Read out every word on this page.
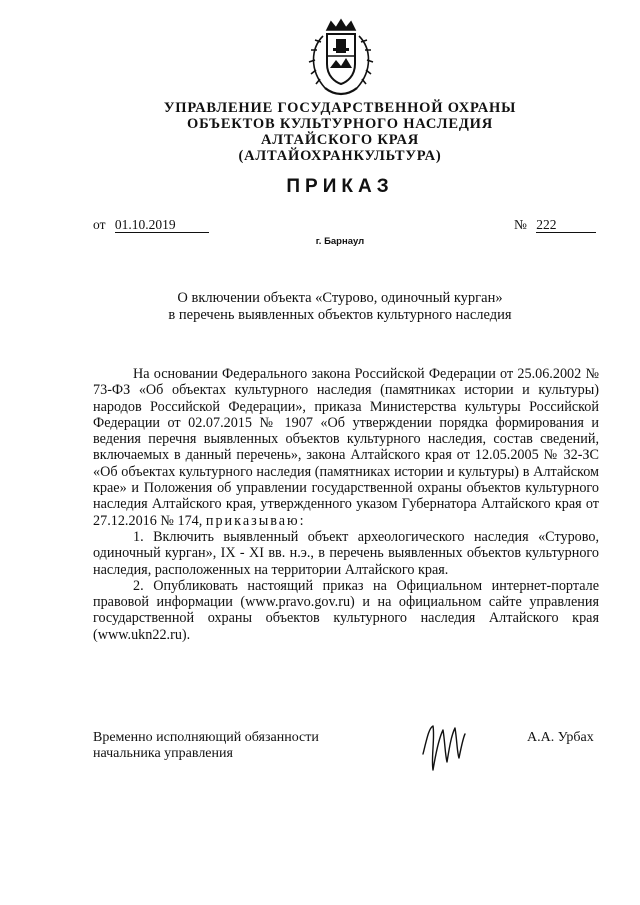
УПРАВЛЕНИЕ ГОСУДАРСТВЕННОЙ ОХРАНЫ
ОБЪЕКТОВ КУЛЬТУРНОГО НАСЛЕДИЯ
АЛТАЙСКОГО КРАЯ
(АЛТАЙОХРАНКУЛЬТУРА)
ПРИКАЗ
от 01.10.2019	№ 222
г. Барнаул
О включении объекта «Стурово, одиночный курган»
в перечень выявленных объектов культурного наследия

На основании Федерального закона Российской Федерации от 25.06.2002 № 73-ФЗ «Об объектах культурного наследия (памятниках истории и культуры) народов Российской Федерации», приказа Министерства культуры Российской Федерации от 02.07.2015 № 1907 «Об утверждении порядка формирования и ведения перечня выявленных объектов культурного наследия, состав сведений, включаемых в данный перечень», закона Алтайского края от 12.05.2005 № 32-ЗС «Об объектах культурного наследия (памятниках истории и культуры) в Алтайском крае» и Положения об управлении государственной охраны объектов культурного наследия Алтайского края, утвержденного указом Губернатора Алтайского края от 27.12.2016 № 174, приказываю:

1. Включить выявленный объект археологического наследия «Стурово, одиночный курган», IX - XI вв. н.э., в перечень выявленных объектов культурного наследия, расположенных на территории Алтайского края.

2. Опубликовать настоящий приказ на Официальном интернет-портале правовой информации (www.pravo.gov.ru) и на официальном сайте управления государственной охраны объектов культурного наследия Алтайского края (www.ukn22.ru).

Временно исполняющий обязанности
начальника управления
А.А. Урбах
